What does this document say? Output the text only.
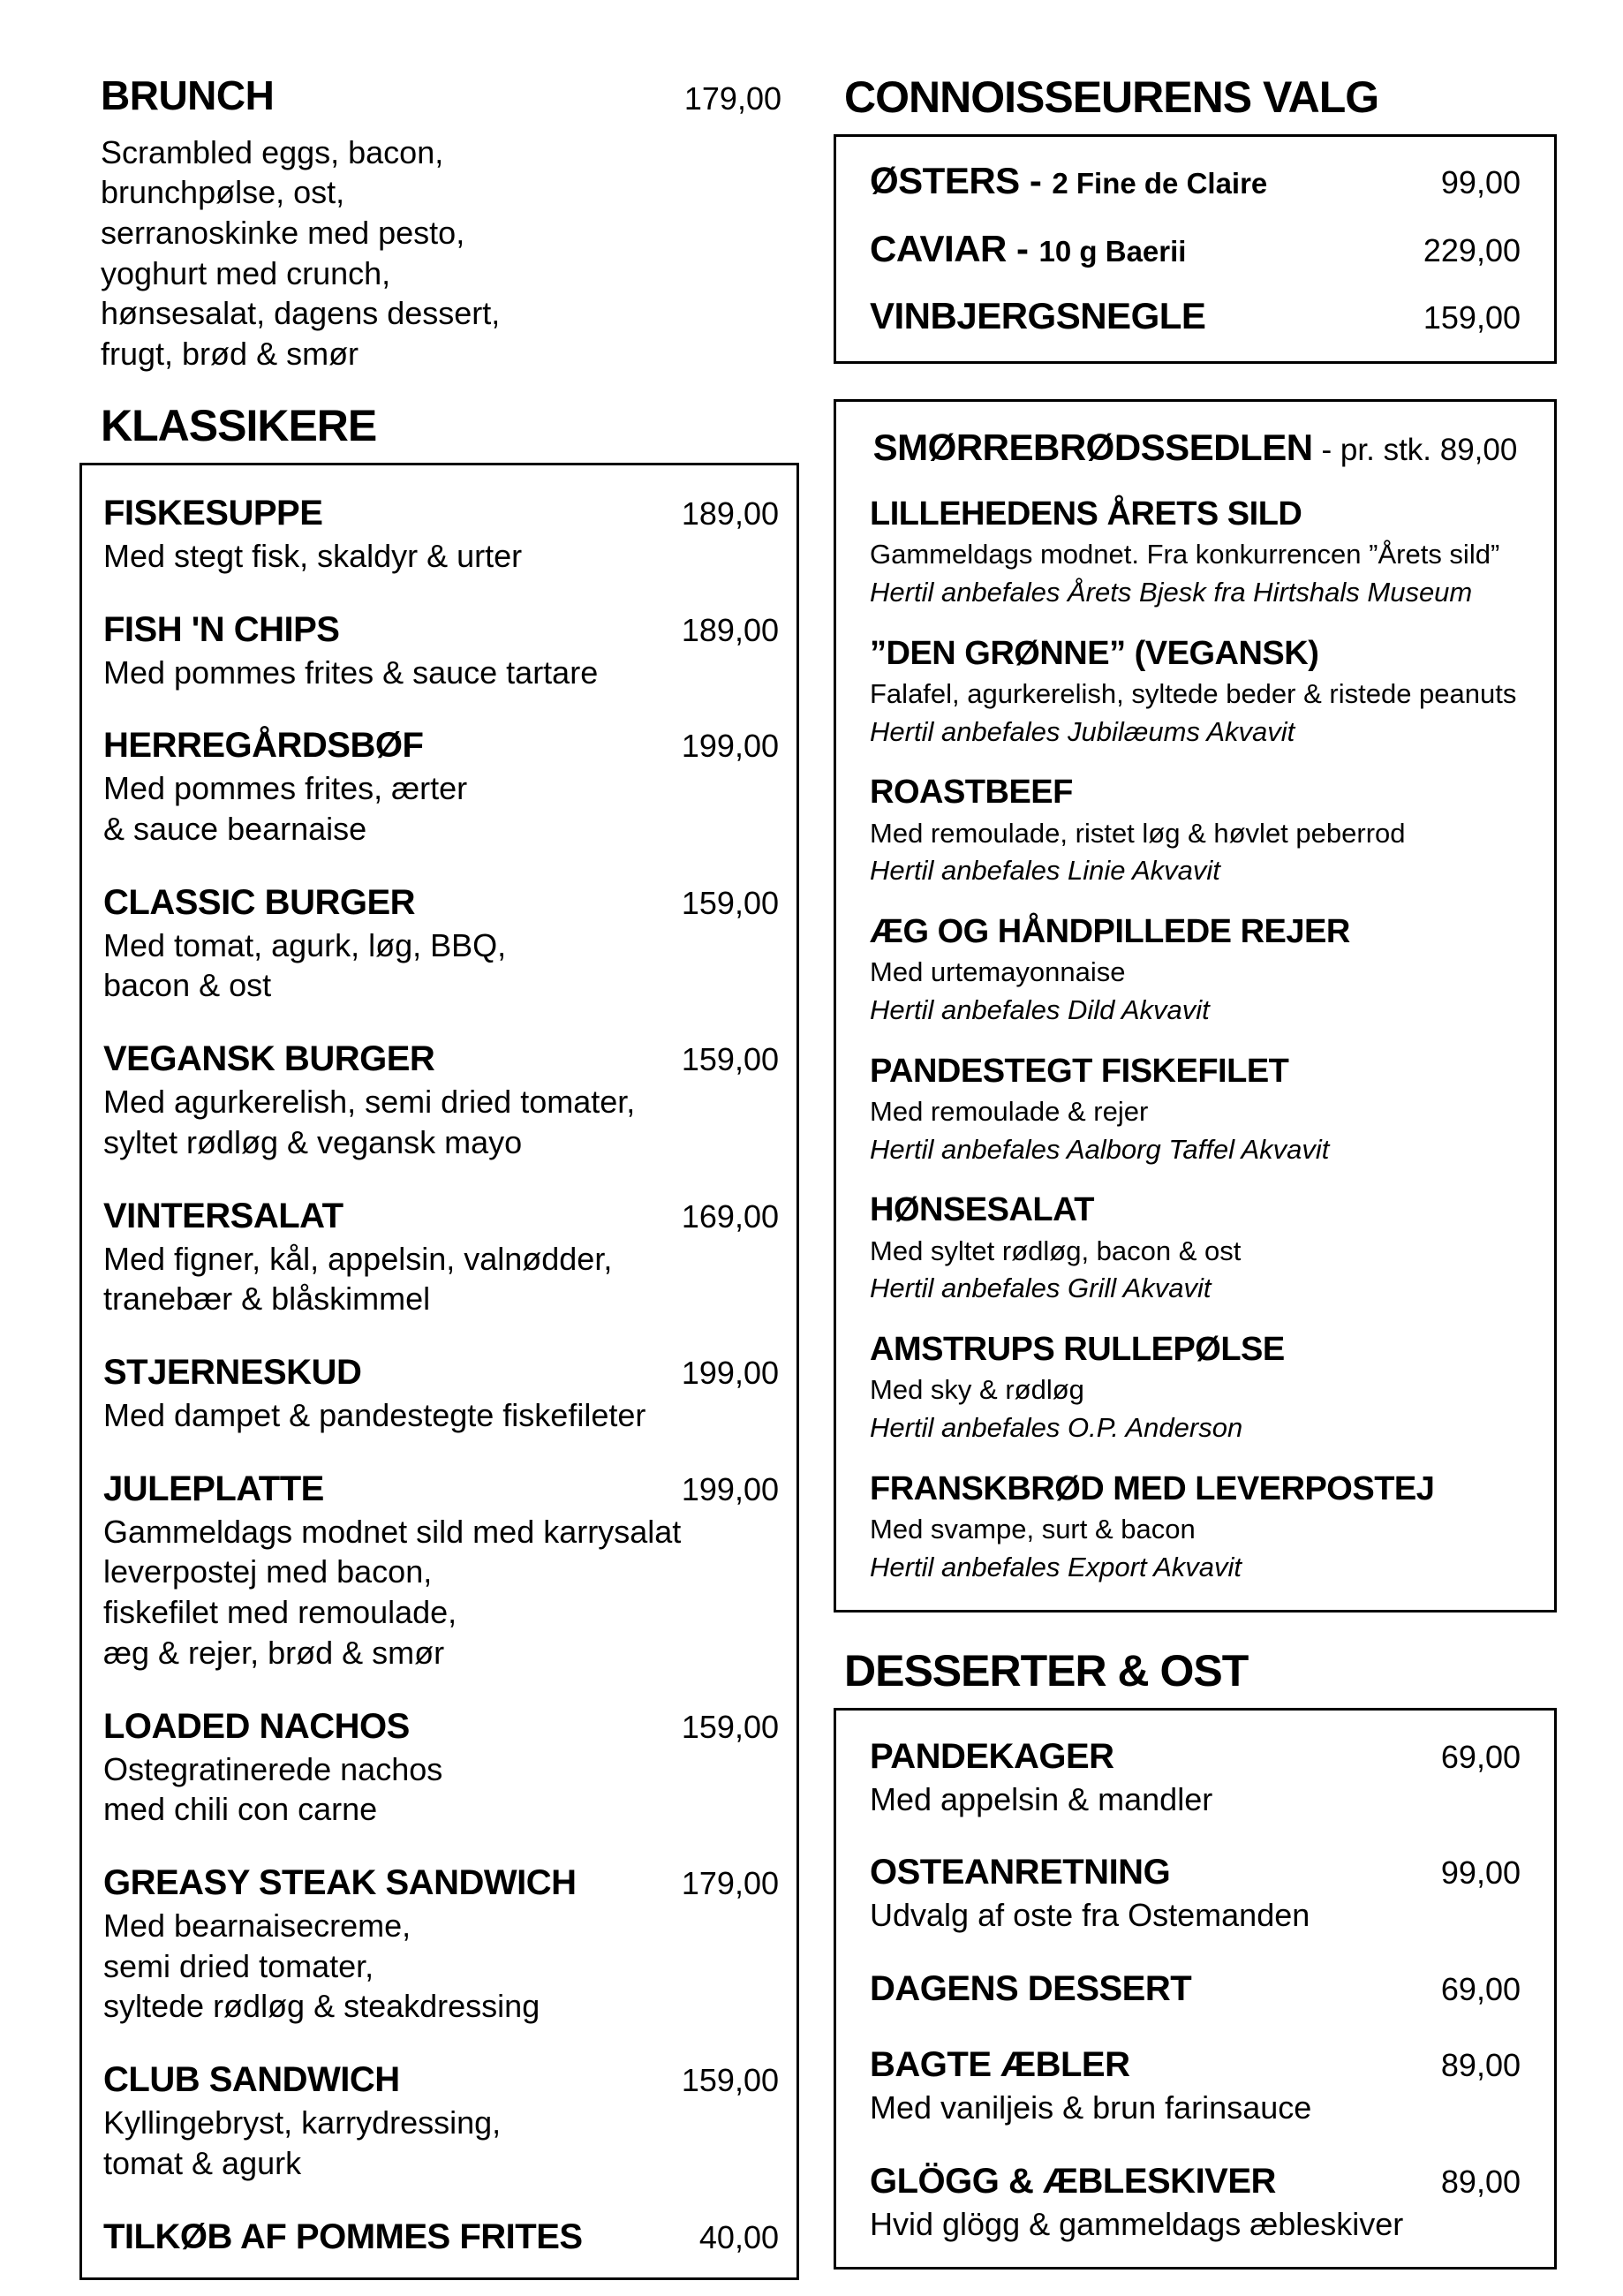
BRUNCH	179,00
Scrambled eggs, bacon,
brunchpølse, ost,
serranoskinke med pesto,
yoghurt med crunch,
hønsesalat, dagens dessert,
frugt, brød & smør
KLASSIKERE
FISKESUPPE	189,00
Med stegt fisk, skaldyr & urter
FISH 'N CHIPS	189,00
Med pommes frites & sauce tartare
HERREGÅRDSBØF	199,00
Med pommes frites, ærter
& sauce bearnaise
CLASSIC BURGER	159,00
Med tomat, agurk, løg, BBQ,
bacon & ost
VEGANSK BURGER	159,00
Med agurkerelish, semi dried tomater,
syltet rødløg & vegansk mayo
VINTERSALAT	169,00
Med figner, kål, appelsin, valnødder,
tranebær & blåskimmel
STJERNESKUD	199,00
Med dampet & pandestegte fiskefileter
JULEPLATTE	199,00
Gammeldags modnet sild med karrysalat
leverpostej med bacon,
fiskefilet med remoulade,
æg & rejer, brød & smør
LOADED NACHOS	159,00
Ostegratinerede nachos
med chili con carne
GREASY STEAK SANDWICH	179,00
Med bearnaisecreme,
semi dried tomater,
syltede rødløg & steakdressing
CLUB SANDWICH	159,00
Kyllingebryst, karrydressing,
tomat & agurk
TILKØB AF POMMES FRITES	40,00
CONNOISSEURENS VALG
ØSTERS - 2 Fine de Claire	99,00
CAVIAR - 10 g Baerii	229,00
VINBJERGSNEGLE	159,00
SMØRREBRØDSSEDLEN - pr. stk. 89,00
LILLEHEDENS ÅRETS SILD
Gammeldags modnet. Fra konkurrencen ”Årets sild”
Hertil anbefales Årets Bjesk fra Hirtshals Museum
”DEN GRØNNE” (VEGANSK)
Falafel, agurkerelish, syltede beder & ristede peanuts
Hertil anbefales Jubilæums Akvavit
ROASTBEEF
Med remoulade, ristet løg & høvlet peberrod
Hertil anbefales Linie Akvavit
ÆG OG HÅNDPILLEDE REJER
Med urtemayonnaise
Hertil anbefales Dild Akvavit
PANDESTEGT FISKEFILET
Med remoulade & rejer
Hertil anbefales Aalborg Taffel Akvavit
HØNSESALAT
Med syltet rødløg, bacon & ost
Hertil anbefales Grill Akvavit
AMSTRUPS RULLEPØLSE
Med sky & rødløg
Hertil anbefales O.P. Anderson
FRANSKBRØD MED LEVERPOSTEJ
Med svampe, surt & bacon
Hertil anbefales Export Akvavit
DESSERTER & OST
PANDEKAGER	69,00
Med appelsin & mandler
OSTEANRETNING	99,00
Udvalg af oste fra Ostemanden
DAGENS DESSERT	69,00
BAGTE ÆBLER	89,00
Med vaniljeis & brun farinsauce
GLÖGG & ÆBLESKIVER	89,00
Hvid glögg & gammeldags æbleskiver
